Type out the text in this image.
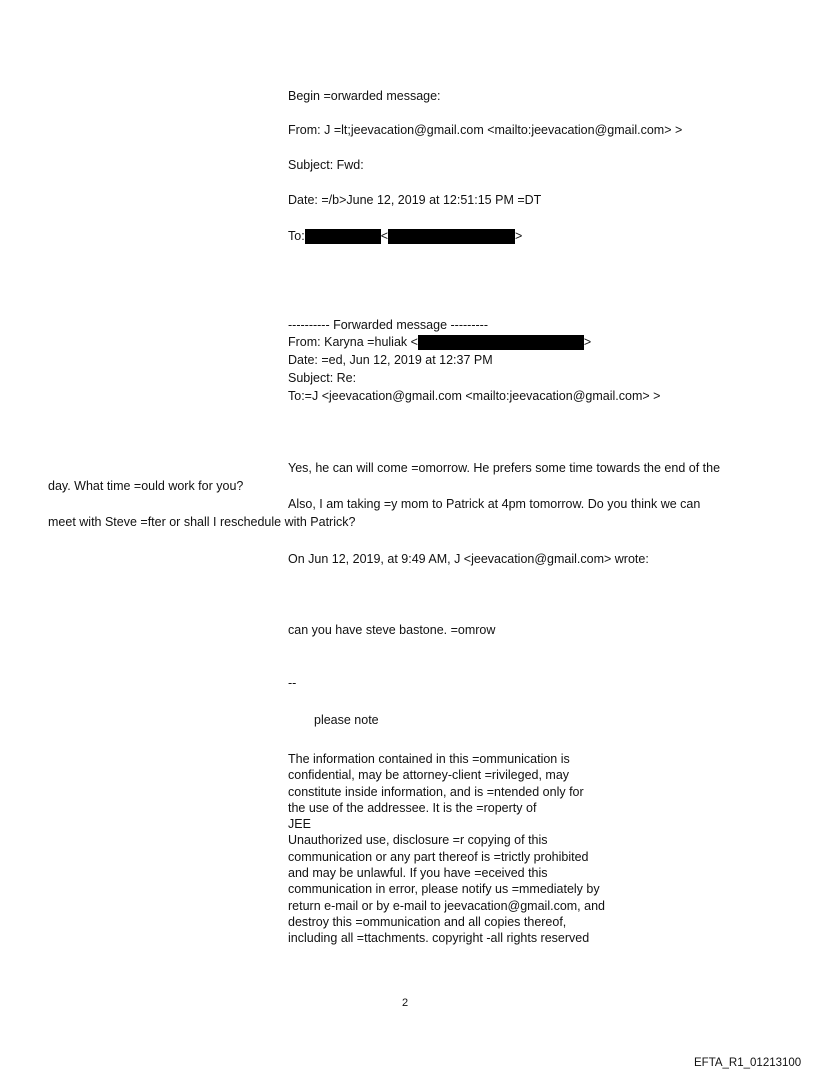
Begin =orwarded message:
From: J =lt;jeevacation@gmail.com <mailto:jeevacation@gmail.com> >
Subject: Fwd:
Date: =/b>June 12, 2019 at 12:51:15 PM =DT
To:	<	>
---------- Forwarded message ---------
From: Karyna =huliak <	>
Date: =ed, Jun 12, 2019 at 12:37 PM
Subject: Re:
To:=J <jeevacation@gmail.com <mailto:jeevacation@gmail.com> >
Yes, he can will come =omorrow. He prefers some time towards the end of the
day. What time =ould work for you?
Also, I am taking =y mom to Patrick at 4pm tomorrow. Do you think we can
meet with Steve =fter or shall I reschedule with Patrick?
On Jun 12, 2019, at 9:49 AM, J <jeevacation@gmail.com> wrote:
can you have steve bastone. =omrow
--
please note
The information contained in this =ommunication is
confidential, may be attorney-client =rivileged, may
constitute inside information, and is =ntended only for
the use of the addressee. It is the =roperty of
JEE
Unauthorized use, disclosure =r copying of this
communication or any part thereof is =trictly prohibited
and may be unlawful. If you have =eceived this
communication in error, please notify us =mmediately by
return e-mail or by e-mail to jeevacation@gmail.com, and
destroy this =ommunication and all copies thereof,
including all =ttachments. copyright -all rights reserved
2
EFTA_R1_01213100
